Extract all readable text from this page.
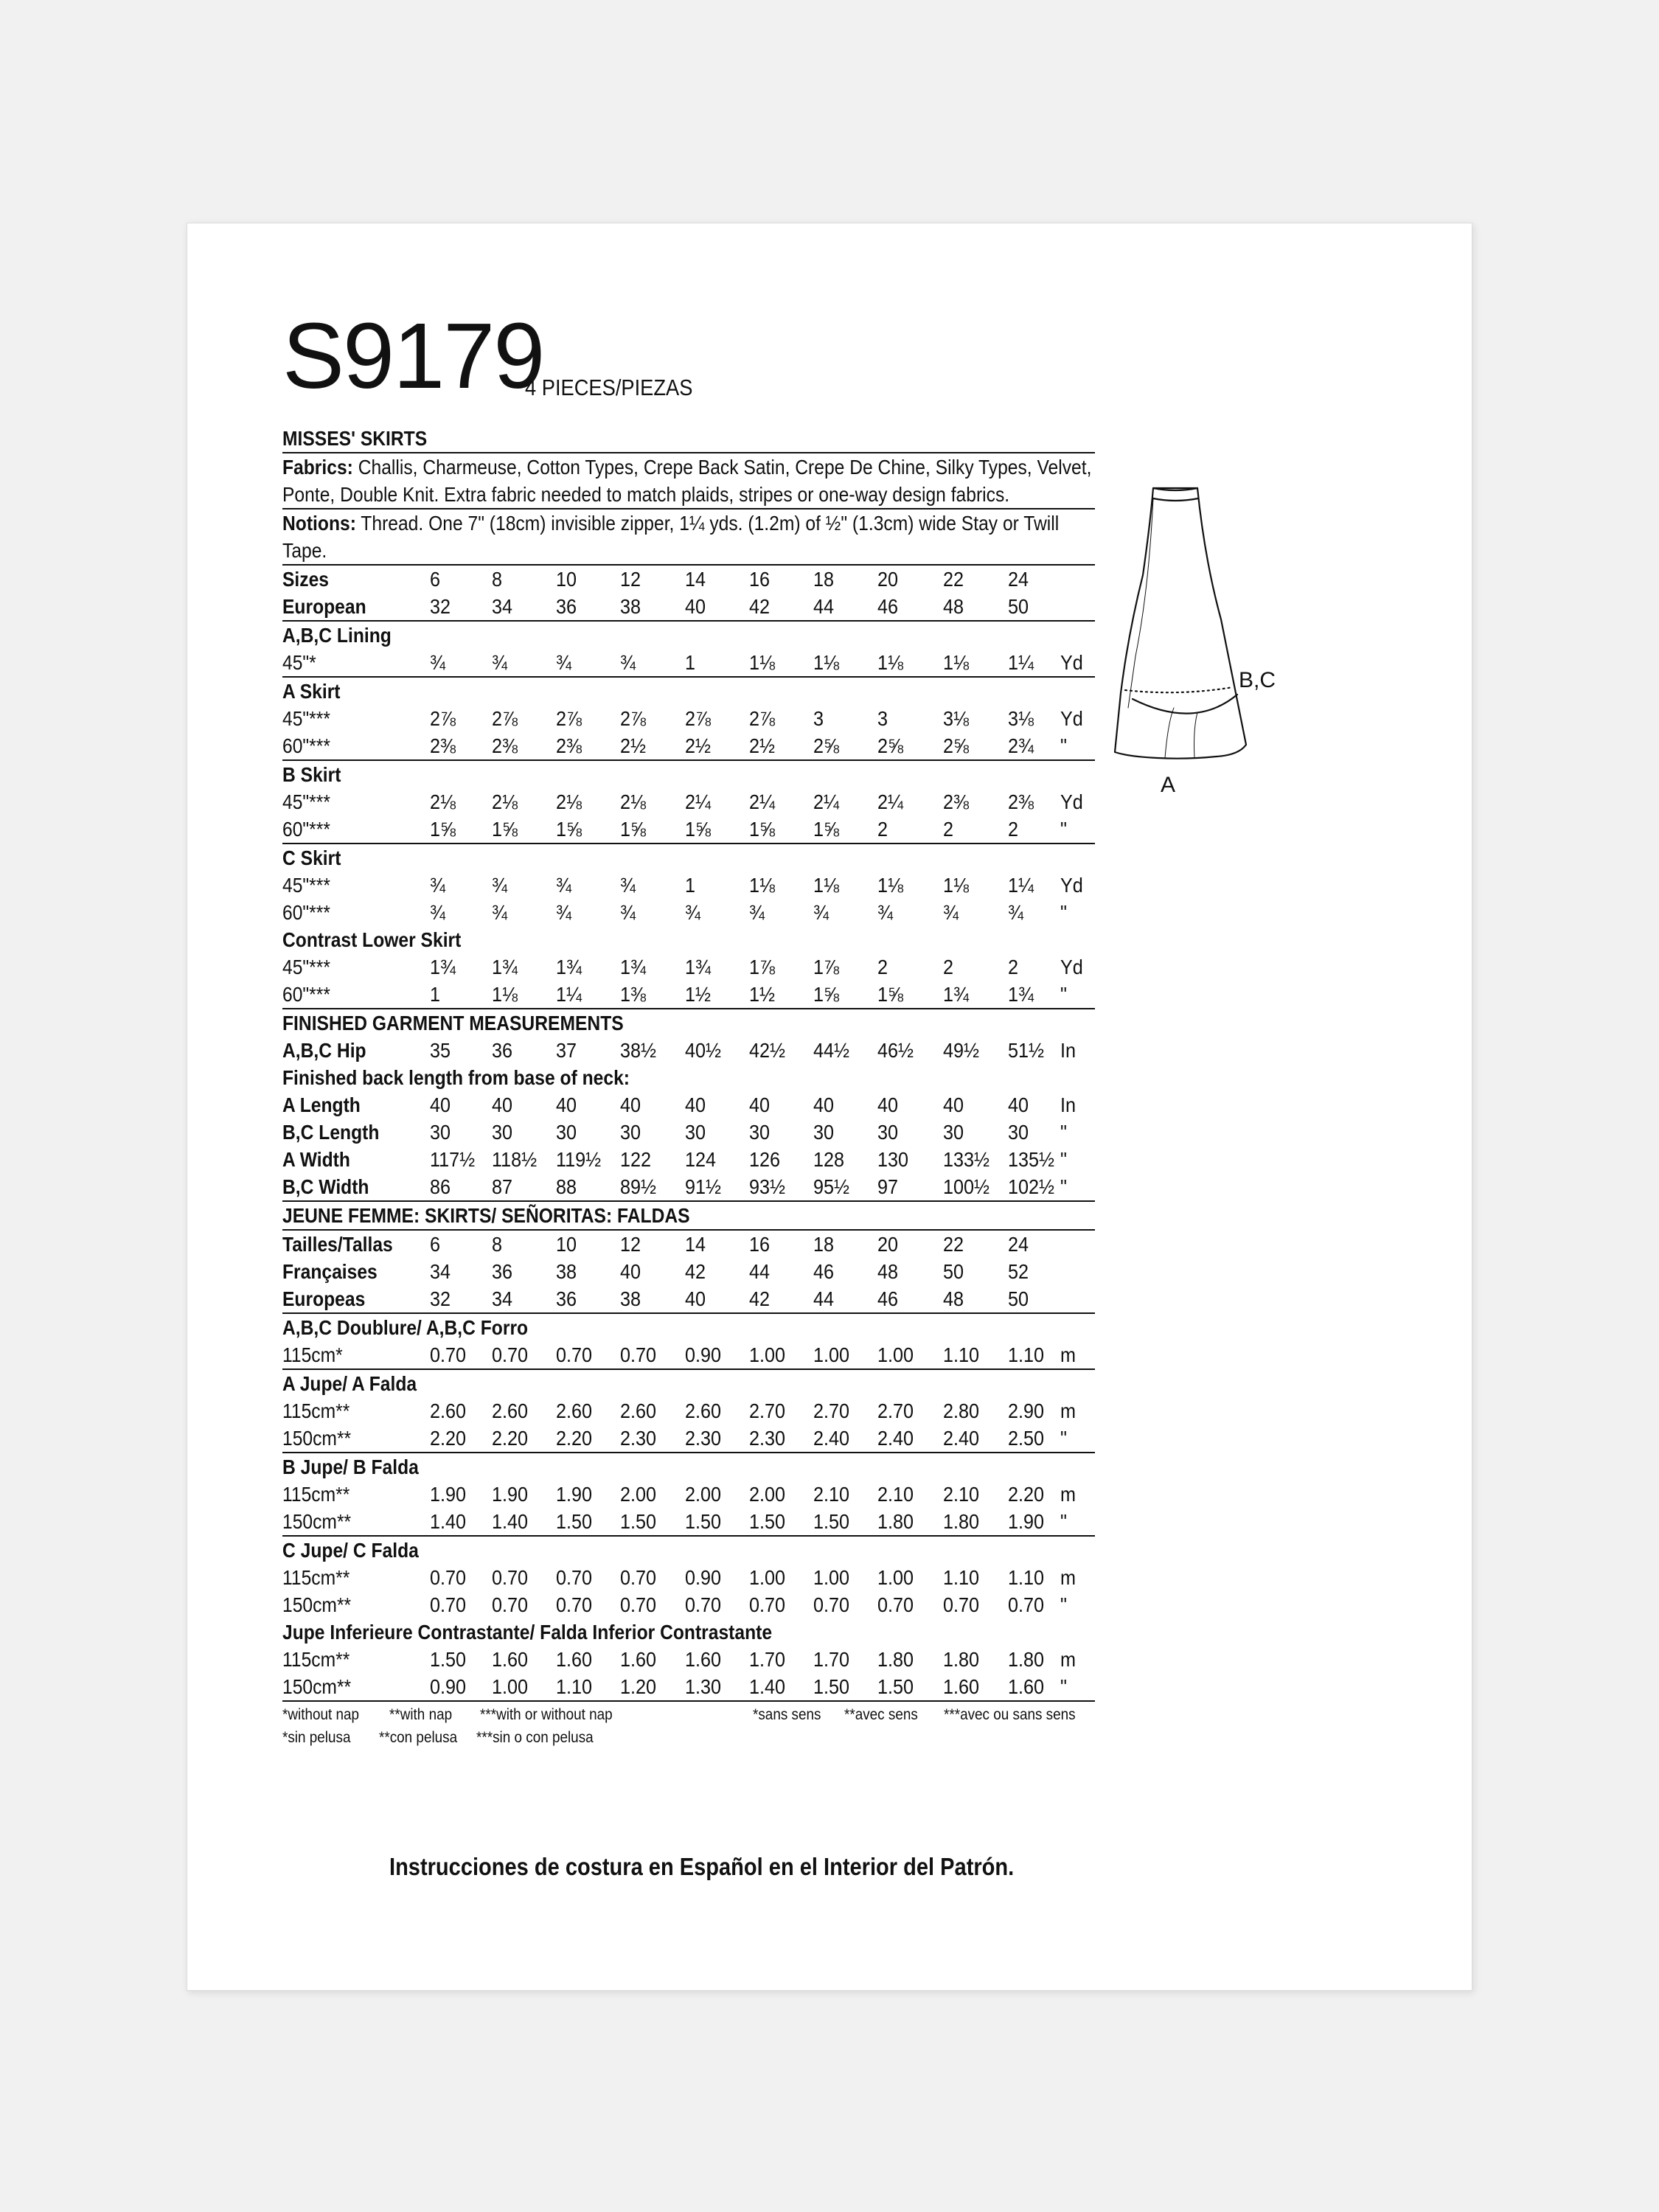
S9179
4 PIECES/PIEZAS
MISSES' SKIRTS
Fabrics: Challis, Charmeuse, Cotton Types, Crepe Back Satin, Crepe De Chine, Silky Types, Velvet, Ponte, Double Knit. Extra fabric needed to match plaids, stripes or one-way design fabrics.
Notions: Thread. One 7" (18cm) invisible zipper, 1¼ yds. (1.2m) of ½" (1.3cm) wide Stay or Twill Tape.
Sizes	6 8	10 12 14 16 18 20 22 24
European	32 34 36 38 40 42 44 46 48 50
A,B,C Lining
45"*	¾ ¾ ¾ ¾ 1	1⅛ 1⅛ 1⅛ 1⅛ 1¼ Yd
A Skirt
45"***	2⅞ 2⅞ 2⅞ 2⅞ 2⅞ 2⅞ 3	3	3⅛ 3⅛ Yd
60"***	2⅜ 2⅜ 2⅜ 2½ 2½ 2½ 2⅝ 2⅝ 2⅝ 2¾ "
B Skirt
45"***	2⅛ 2⅛ 2⅛ 2⅛ 2¼ 2¼ 2¼ 2¼ 2⅜ 2⅜ Yd
60"***	1⅝ 1⅝ 1⅝ 1⅝ 1⅝ 1⅝ 1⅝ 2	2	2 "
C Skirt
45"***	¾ ¾ ¾ ¾ 1	1⅛ 1⅛ 1⅛ 1⅛ 1¼ Yd
60"***	¾ ¾ ¾ ¾ ¾ ¾ ¾ ¾ ¾ ¾ "
Contrast Lower Skirt
45"***	1¾ 1¾ 1¾ 1¾ 1¾ 1⅞ 1⅞ 2	2	2 Yd
60"***	1 1⅛ 1¼ 1⅜ 1½ 1½ 1⅝ 1⅝ 1¾ 1¾ "
FINISHED GARMENT MEASUREMENTS
A,B,C Hip	35 36 37 38½ 40½ 42½ 44½ 46½ 49½ 51½ In
Finished back length from base of neck:
A Length	40 40 40 40 40 40 40 40 40 40 In
B,C Length 30 30 30 30 30 30 30 30 30 30 "
A Width	117½ 118½ 119½ 122 124 126 128 130 133½ 135½ "
B,C Width	86 87 88 89½ 91½ 93½ 95½ 97 100½ 102½ "
JEUNE FEMME: SKIRTS/ SEÑORITAS: FALDAS
Tailles/Tallas 6 8	10 12 14 16 18 20 22 24
Françaises	34 36 38 40 42 44 46 48 50 52
Europeas	32 34 36 38 40 42 44 46 48 50
A,B,C Doublure/ A,B,C Forro
115cm*	0.70 0.70 0.70 0.70 0.90 1.00 1.00 1.00 1.10 1.10 m
A Jupe/ A Falda
115cm**	2.60 2.60 2.60 2.60 2.60 2.70 2.70 2.70 2.80 2.90 m
150cm**	2.20 2.20 2.20 2.30 2.30 2.30 2.40 2.40 2.40 2.50 "
B Jupe/ B Falda
115cm**	1.90 1.90 1.90 2.00 2.00 2.00 2.10 2.10 2.10 2.20 m
150cm**	1.40 1.40 1.50 1.50 1.50 1.50 1.50 1.80 1.80 1.90 "
C Jupe/ C Falda
115cm**	0.70 0.70 0.70 0.70 0.90 1.00 1.00 1.00 1.10 1.10 m
150cm**	0.70 0.70 0.70 0.70 0.70 0.70 0.70 0.70 0.70 0.70 "
Jupe Inferieure Contrastante/ Falda Inferior Contrastante
115cm**	1.50 1.60 1.60 1.60 1.60 1.70 1.70 1.80 1.80 1.80 m
150cm**	0.90 1.00 1.10 1.20 1.30 1.40 1.50 1.50 1.60 1.60 "
*without nap **with nap ***with or without nap	*sans sens **avec sens ***avec ou sans sens
*sin pelusa **con pelusa ***sin o con pelusa
Instrucciones de costura en Español en el Interior del Patrón.
B,C
A
